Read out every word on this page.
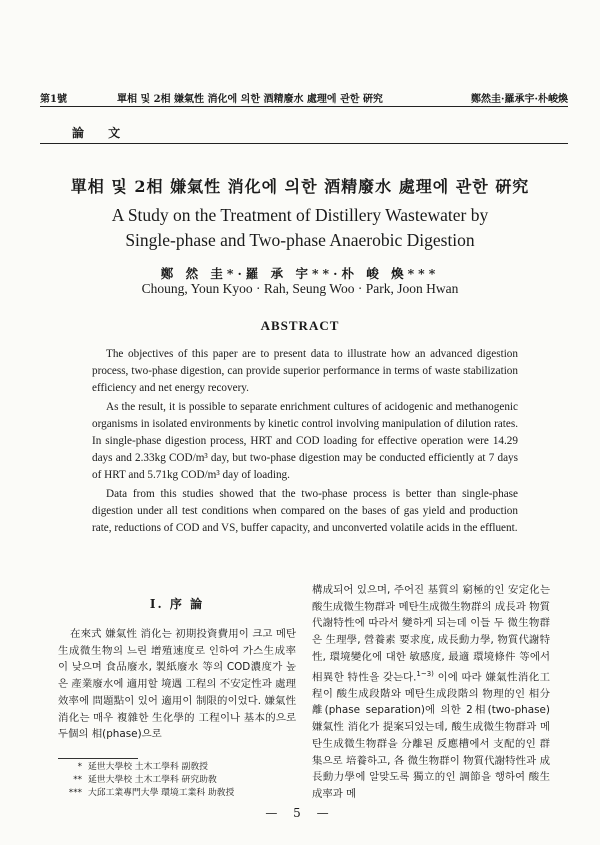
第1號	單相 및 2相 嫌氣性 消化에 의한 酒精廢水 處理에 관한 硏究	鄭然圭·羅承宇·朴峻煥
論 文
單相 및 2相 嫌氣性 消化에 의한 酒精廢水 處理에 관한 硏究
A Study on the Treatment of Distillery Wastewater by
Single-phase and Two-phase Anaerobic Digestion
鄭 然 圭*·羅 承 宇**·朴 峻 煥***
Choung, Youn Kyoo · Rah, Seung Woo · Park, Joon Hwan
ABSTRACT

The objectives of this paper are to present data to illustrate how an advanced digestion process, two-phase digestion, can provide superior performance in terms of waste stabilization efficiency and net energy recovery.

As the result, it is possible to separate enrichment cultures of acidogenic and methanogenic organisms in isolated environments by kinetic control involving manipulation of dilution rates. In single-phase digestion process, HRT and COD loading for effective operation were 14.29 days and 2.33kg COD/m³ day, but two-phase digestion may be conducted efficiently at 7 days of HRT and 5.71kg COD/m³ day of loading.

Data from this studies showed that the two-phase process is better than single-phase digestion under all test conditions when compared on the bases of gas yield and production rate, reductions of COD and VS, buffer capacity, and unconverted volatile acids in the effluent.

I. 序 論

在來式 嫌氣性 消化는 初期投資費用이 크고 메탄生成微生物의 느린 增殖速度로 인하여 가스生成率이 낮으며 食品廢水, 製紙廢水 等의 COD濃度가 높은 產業廢水에 適用할 境遇 工程의 不安定性과 處理效率에 問題點이 있어 適用이 制限的이었다. 嫌氣性 消化는 매우 複雜한 生化學的 工程이나 基本的으로 두個의 相(phase)으로

構成되어 있으며, 주어진 基質의 窮極的인 安定化는 酸生成微生物群과 메탄生成微生物群의 成長과 物質代謝特性에 따라서 變하게 되는데 이들 두 微生物群은 生理學, 營養素 要求度, 成長動力學, 物質代謝特性, 環境變化에 대한 敏感度, 最適 環境條件 等에서 相異한 特性을 갖는다.$^{1\sim 3)}$ 이에 따라 嫌氣性消化工程이 酸生成段階와 메탄生成段階의 物理的인 相分離(phase separation)에 의한 2相(two-phase) 嫌氣性 消化가 提案되었는데, 酸生成微生物群과 메탄生成微生物群을 分離된 反應槽에서 支配的인 群集으로 培養하고, 各 微生物群이 物質代謝特性과 成長動力學에 알맞도록 獨立的인 調節을 행하여 酸生成率과 메

* 延世大學校 土木工學科 副敎授
** 延世大學校 土木工學科 硏究助敎
*** 大邱工業專門大學 環境工業科 助敎授
— 5 —
